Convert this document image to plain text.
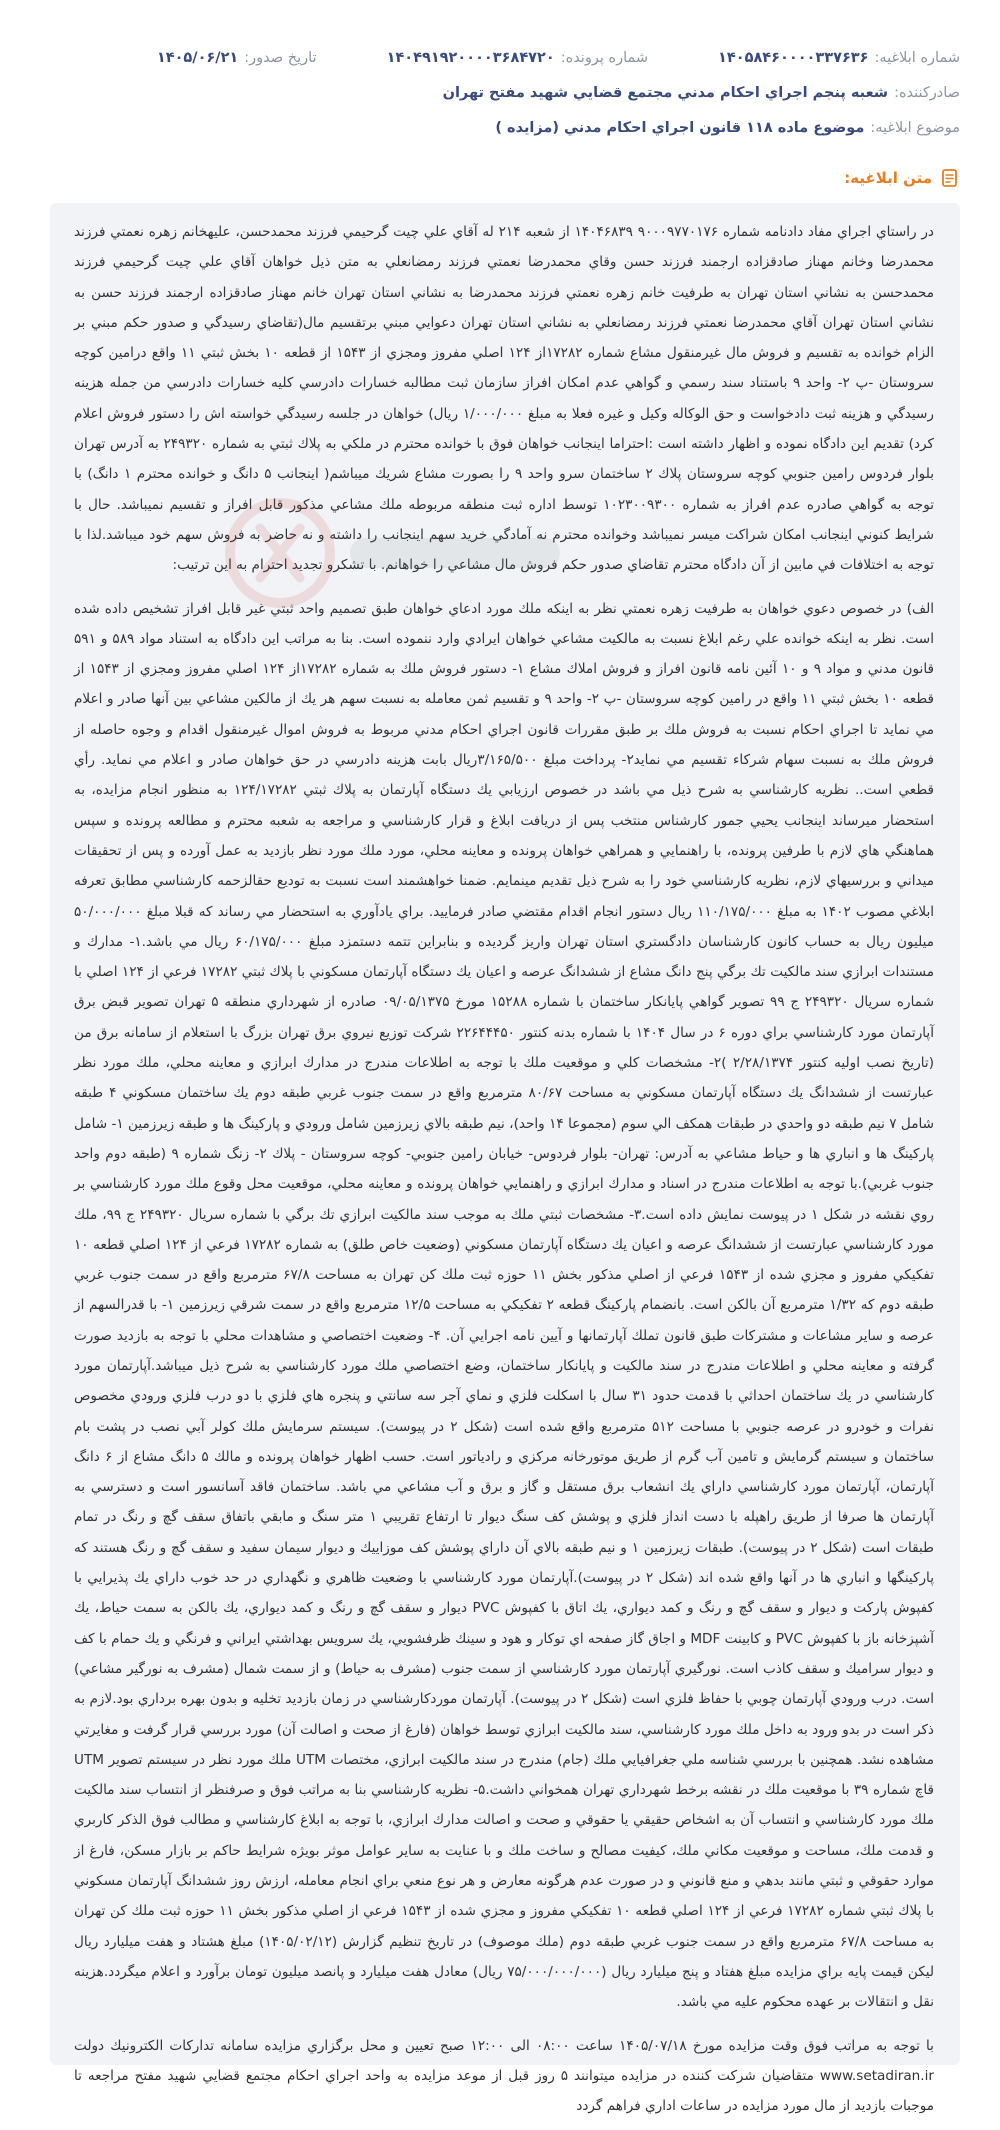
شماره ابلاغیه:
۱۴۰۵۸۴۶۰۰۰۰۳۳۷۶۳۶
شماره پرونده:
۱۴۰۴۹۱۹۲۰۰۰۰۳۶۸۴۷۲۰
تاریخ صدور:
۱۴۰۵/۰۶/۲۱
صادرکننده:
شعبه پنجم اجراي احكام مدني مجتمع قضايي شهيد مفتح تهران
موضوع ابلاغیه:
موضوع ماده ۱۱۸ قانون اجراي احكام مدني (مزايده )
متن ابلاغیه:

در راستاي اجراي مفاد دادنامه شماره ۹۰۰۰۹۷۷۰۱۷۶ ۱۴۰۴۶۸۳۹ از شعبه ۲۱۴ له آقاي علي چيت گرحيمي فرزند محمدحسن، عليهخانم زهره نعمتي فرزند محمدرضا وخانم مهناز صادقزاده ارجمند فرزند حسن وقاي محمدرضا نعمتي فرزند رمضانعلي به متن ذيل خواهان آقاي علي چيت گرحيمي فرزند محمدحسن به نشاني استان تهران به طرفيت خانم زهره نعمتي فرزند محمدرضا به نشاني استان تهران خانم مهناز صادقزاده ارجمند فرزند حسن به نشاني استان تهران آقاي محمدرضا نعمتي فرزند رمضانعلي به نشاني استان تهران دعوايي مبني برتقسيم مال(تقاضاي رسيدگي و صدور حكم مبني بر الزام خوانده به تقسيم و فروش مال غيرمنقول مشاع شماره ۱۷۲۸۲از ۱۲۴ اصلي مفروز ومجزي از ۱۵۴۳ از قطعه ۱۰ بخش ثبتي ۱۱ واقع درامين كوچه سروستان -پ ۲- واحد ۹ باستناد سند رسمي و گواهي عدم امكان افراز سازمان ثبت مطالبه خسارات دادرسي كليه خسارات دادرسي من جمله هزينه رسيدگي و هزينه ثبت دادخواست و حق الوكاله وكيل و غيره فعلا به مبلغ ۱/۰۰۰/۰۰۰ ريال) خواهان در جلسه رسيدگي خواسته اش را دستور فروش اعلام كرد) تقديم اين دادگاه نموده و اظهار داشته است :احتراما اينجانب خواهان فوق با خوانده محترم در ملكي به پلاك ثبتي به شماره ۲۴۹۳۲۰ به آدرس تهران بلوار فردوس رامين جنوبي كوچه سروستان پلاك ۲ ساختمان سرو واحد ۹ را بصورت مشاع شريك ميباشم( اينجانب ۵ دانگ و خوانده محترم ۱ دانگ) با توجه به گواهي صادره عدم افراز به شماره ۱۰۲۳۰۰۹۳۰۰ توسط اداره ثبت منطقه مربوطه ملك مشاعي مذكور قابل افراز و تقسيم نميباشد. حال با شرايط كنوني اينجانب امكان شراكت ميسر نميباشد وخوانده محترم نه آمادگي خريد سهم اينجانب را داشته و نه حاضر به فروش سهم خود ميباشد.لذا با توجه به اختلافات في مابين از آن دادگاه محترم تقاضاي صدور حكم فروش مال مشاعي را خواهانم. با تشكرو تجديد احترام به اين ترتيب:

الف) در خصوص دعوي خواهان به طرفيت زهره نعمتي نظر به اينكه ملك مورد ادعاي خواهان طبق تصميم واحد ثبتي غير قابل افراز تشخيص داده شده است. نظر به اينكه خوانده علي رغم ابلاغ نسبت به مالكيت مشاعي خواهان ايرادي وارد ننموده است. بنا به مراتب اين دادگاه به استناد مواد ۵۸۹ و ۵۹۱ قانون مدني و مواد ۹ و ۱۰ آئين نامه قانون افراز و فروش املاك مشاع ۱- دستور فروش ملك به شماره ۱۷۲۸۲از ۱۲۴ اصلي مفروز ومجزي از ۱۵۴۳ از قطعه ۱۰ بخش ثبتي ۱۱ واقع در رامين كوچه سروستان -پ ۲- واحد ۹ و تقسيم ثمن معامله به نسبت سهم هر يك از مالكين مشاعي بين آنها صادر و اعلام مي نمايد تا اجراي احكام نسبت به فروش ملك بر طبق مقررات قانون اجراي احكام مدني مربوط به فروش اموال غيرمنقول اقدام و وجوه حاصله از فروش ملك به نسبت سهام شركاء تقسيم مي نمايد۲- پرداخت مبلغ ۳/۱۶۵/۵۰۰ريال بابت هزينه دادرسي در حق خواهان صادر و اعلام مي نمايد. رأي قطعي است.. نظريه كارشناسي به شرح ذيل مي باشد در خصوص ارزيابي يك دستگاه آپارتمان به پلاك ثبتي ۱۲۴/۱۷۲۸۲ به منظور انجام مزايده، به استحضار ميرساند اينجانب يحيي جمور كارشناس منتخب پس از دريافت ابلاغ و قرار كارشناسي و مراجعه به شعبه محترم و مطالعه پرونده و سپس هماهنگي هاي لازم با طرفين پرونده، با راهنمايي و همراهي خواهان پرونده و معاينه محلي، مورد ملك مورد نظر بازديد به عمل آورده و پس از تحقيقات ميداني و بررسيهاي لازم، نظريه كارشناسي خود را به شرح ذيل تقديم مينمايم. ضمنا خواهشمند است نسبت به توديع حقالزحمه كارشناسي مطابق تعرفه ابلاغي مصوب ۱۴۰۲ به مبلغ ۱۱۰/۱۷۵/۰۰۰ ريال دستور انجام اقدام مقتضي صادر فرماييد. براي يادآوري به استحضار مي رساند كه قبلا مبلغ ۵۰/۰۰۰/۰۰۰ ميليون ريال به حساب كانون كارشناسان دادگستري استان تهران واريز گرديده و بنابراين تتمه دستمزد مبلغ ۶۰/۱۷۵/۰۰۰ ريال مي باشد.۱- مدارك و مستندات ابرازي سند مالكيت تك برگي پنج دانگ مشاع از ششدانگ عرصه و اعيان يك دستگاه آپارتمان مسكوني با پلاك ثبتي ۱۷۲۸۲ فرعي از ۱۲۴ اصلي با شماره سريال ۲۴۹۳۲۰ ج ۹۹ تصوير گواهي پايانكار ساختمان با شماره ۱۵۲۸۸ مورخ ۰۹/۰۵/۱۳۷۵ صادره از شهرداري منطقه ۵ تهران تصوير قبض برق آپارتمان مورد كارشناسي براي دوره ۶ در سال ۱۴۰۴ با شماره بدنه كنتور ۲۲۶۴۴۴۵۰ شركت توزيع نيروي برق تهران بزرگ با استعلام از سامانه برق من (تاريخ نصب اوليه كنتور ۲/۲۸/۱۳۷۴ )۲- مشخصات كلي و موقعيت ملك با توجه به اطلاعات مندرج در مدارك ابرازي و معاينه محلي، ملك مورد نظر عبارتست از ششدانگ يك دستگاه آپارتمان مسكوني به مساحت ۸۰/۶۷ مترمربع واقع در سمت جنوب غربي طبقه دوم يك ساختمان مسكوني ۴ طبقه شامل ۷ نيم طبقه دو واحدي در طبقات همكف الي سوم (مجموعا ۱۴ واحد)، نيم طبقه بالاي زيرزمين شامل ورودي و پاركينگ ها و طبقه زيرزمين ۱- شامل پاركينگ ها و انباري ها و حياط مشاعي به آدرس: تهران- بلوار فردوس- خيابان رامين جنوبي- كوچه سروستان - پلاك ۲- زنگ شماره ۹ (طبقه دوم واحد جنوب غربي).با توجه به اطلاعات مندرج در اسناد و مدارك ابرازي و راهنمايي خواهان پرونده و معاينه محلي، موقعيت محل وقوع ملك مورد كارشناسي بر روي نقشه در شكل ۱ در پيوست نمايش داده است.۳- مشخصات ثبتي ملك به موجب سند مالكيت ابرازي تك برگي با شماره سريال ۲۴۹۳۲۰ ج ۹۹، ملك مورد كارشناسي عبارتست از ششدانگ عرصه و اعيان يك دستگاه آپارتمان مسكوني (وضعيت خاص طلق) به شماره ۱۷۲۸۲ فرعي از ۱۲۴ اصلي قطعه ۱۰ تفكيكي مفروز و مجزي شده از ۱۵۴۳ فرعي از اصلي مذكور بخش ۱۱ حوزه ثبت ملك كن تهران به مساحت ۶۷/۸ مترمربع واقع در سمت جنوب غربي طبقه دوم كه ۱/۳۲ مترمربع آن بالكن است. بانضمام پاركينگ قطعه ۲ تفكيكي به مساحت ۱۲/۵ مترمربع واقع در سمت شرقي زيرزمين ۱- با قدرالسهم از عرصه و ساير مشاعات و مشتركات طبق قانون تملك آپارتمانها و آيين نامه اجرايي آن. ۴- وضعيت اختصاصي و مشاهدات محلي با توجه به بازديد صورت گرفته و معاينه محلي و اطلاعات مندرج در سند مالكيت و پايانكار ساختمان، وضع اختصاصي ملك مورد كارشناسي به شرح ذيل ميباشد.آپارتمان مورد كارشناسي در يك ساختمان احداثي با قدمت حدود ۳۱ سال با اسكلت فلزي و نماي آجر سه سانتي و پنجره هاي فلزي با دو درب فلزي ورودي مخصوص نفرات و خودرو در عرصه جنوبي با مساحت ۵۱۲ مترمربع واقع شده است (شكل ۲ در پيوست). سيستم سرمايش ملك كولر آبي نصب در پشت بام ساختمان و سيستم گرمايش و تامين آب گرم از طريق موتورخانه مركزي و رادياتور است. حسب اظهار خواهان پرونده و مالك ۵ دانگ مشاع از ۶ دانگ آپارتمان، آپارتمان مورد كارشناسي داراي يك انشعاب برق مستقل و گاز و برق و آب مشاعي مي باشد. ساختمان فاقد آسانسور است و دسترسي به آپارتمان ها صرفا از طريق راهپله با دست انداز فلزي و پوشش كف سنگ ديوار تا ارتفاع تقريبي ۱ متر سنگ و مابقي باتفاق سقف گچ و رنگ در تمام طبقات است (شكل ۲ در پيوست). طبقات زيرزمين ۱ و نيم طبقه بالاي آن داراي پوشش كف موزاييك و ديوار سيمان سفيد و سقف گچ و رنگ هستند كه پاركينگها و انباري ها در آنها واقع شده اند (شكل ۲ در پيوست).آپارتمان مورد كارشناسي با وضعيت ظاهري و نگهداري در حد خوب داراي يك پذيرايي با كفپوش پاركت و ديوار و سقف گچ و رنگ و كمد ديواري، يك اتاق با كفپوش PVC ديوار و سقف گچ و رنگ و كمد ديواري، يك بالكن به سمت حياط، يك آشپزخانه باز با كفپوش PVC و كابينت MDF و اجاق گاز صفحه اي توكار و هود و سينك ظرفشويي، يك سرويس بهداشتي ايراني و فرنگي و يك حمام با كف و ديوار سراميك و سقف كاذب است. نورگيري آپارتمان مورد كارشناسي از سمت جنوب (مشرف به حياط) و از سمت شمال (مشرف به نورگير مشاعي) است. درب ورودي آپارتمان چوبي با حفاظ فلزي است (شكل ۲ در پيوست). آپارتمان موردكارشناسي در زمان بازديد تخليه و بدون بهره برداري بود.لازم به ذكر است در بدو ورود به داخل ملك مورد كارشناسي، سند مالكيت ابرازي توسط خواهان (فارغ از صحت و اصالت آن) مورد بررسي قرار گرفت و مغايرتي مشاهده نشد. همچنين با بررسي شناسه ملي جغرافيايي ملك (جام) مندرج در سند مالكيت ابرازي، مختصات UTM ملك مورد نظر در سيستم تصوير UTM قاچ شماره ۳۹ با موقعيت ملك در نقشه برخط شهرداري تهران همخواني داشت.۵- نظريه كارشناسي بنا به مراتب فوق و صرفنظر از انتساب سند مالكيت ملك مورد كارشناسي و انتساب آن به اشخاص حقيقي يا حقوقي و صحت و اصالت مدارك ابرازي، با توجه به ابلاغ كارشناسي و مطالب فوق الذكر كاربري و قدمت ملك، مساحت و موقعيت مكاني ملك، كيفيت مصالح و ساخت ملك و با عنايت به ساير عوامل موثر بويژه شرايط حاكم بر بازار مسكن، فارغ از موارد حقوقي و ثبتي مانند بدهي و منع قانوني و در صورت عدم هرگونه معارض و هر نوع منعي براي انجام معامله، ارزش روز ششدانگ آپارتمان مسكوني با پلاك ثبتي شماره ۱۷۲۸۲ فرعي از ۱۲۴ اصلي قطعه ۱۰ تفكيكي مفروز و مجزي شده از ۱۵۴۳ فرعي از اصلي مذكور بخش ۱۱ حوزه ثبت ملك كن تهران به مساحت ۶۷/۸ مترمربع واقع در سمت جنوب غربي طبقه دوم (ملك موصوف) در تاريخ تنظيم گزارش (۱۴۰۵/۰۲/۱۲) مبلغ هشتاد و هفت ميليارد ريال ليكن قيمت پايه براي مزايده مبلغ هفتاد و پنج ميليارد ريال (۷۵/۰۰۰/۰۰۰/۰۰۰ ريال) معادل هفت ميليارد و پانصد ميليون تومان برآورد و اعلام ميگردد.هزينه نقل و انتقالات بر عهده محكوم عليه مي باشد.

با توجه به مراتب فوق وقت مزايده مورخ ۱۴۰۵/۰۷/۱۸ ساعت ۰۸:۰۰ الی ۱۲:۰۰ صبح تعيين و محل برگزاري مزايده سامانه تداركات الكترونيك دولت www.setadiran.ir متقاضيان شركت كننده در مزايده ميتوانند ۵ روز قبل از موعد مزايده به واحد اجراي احكام مجتمع قضايي شهيد مفتح مراجعه تا موجبات بازديد از مال مورد مزايده در ساعات اداري فراهم گردد
